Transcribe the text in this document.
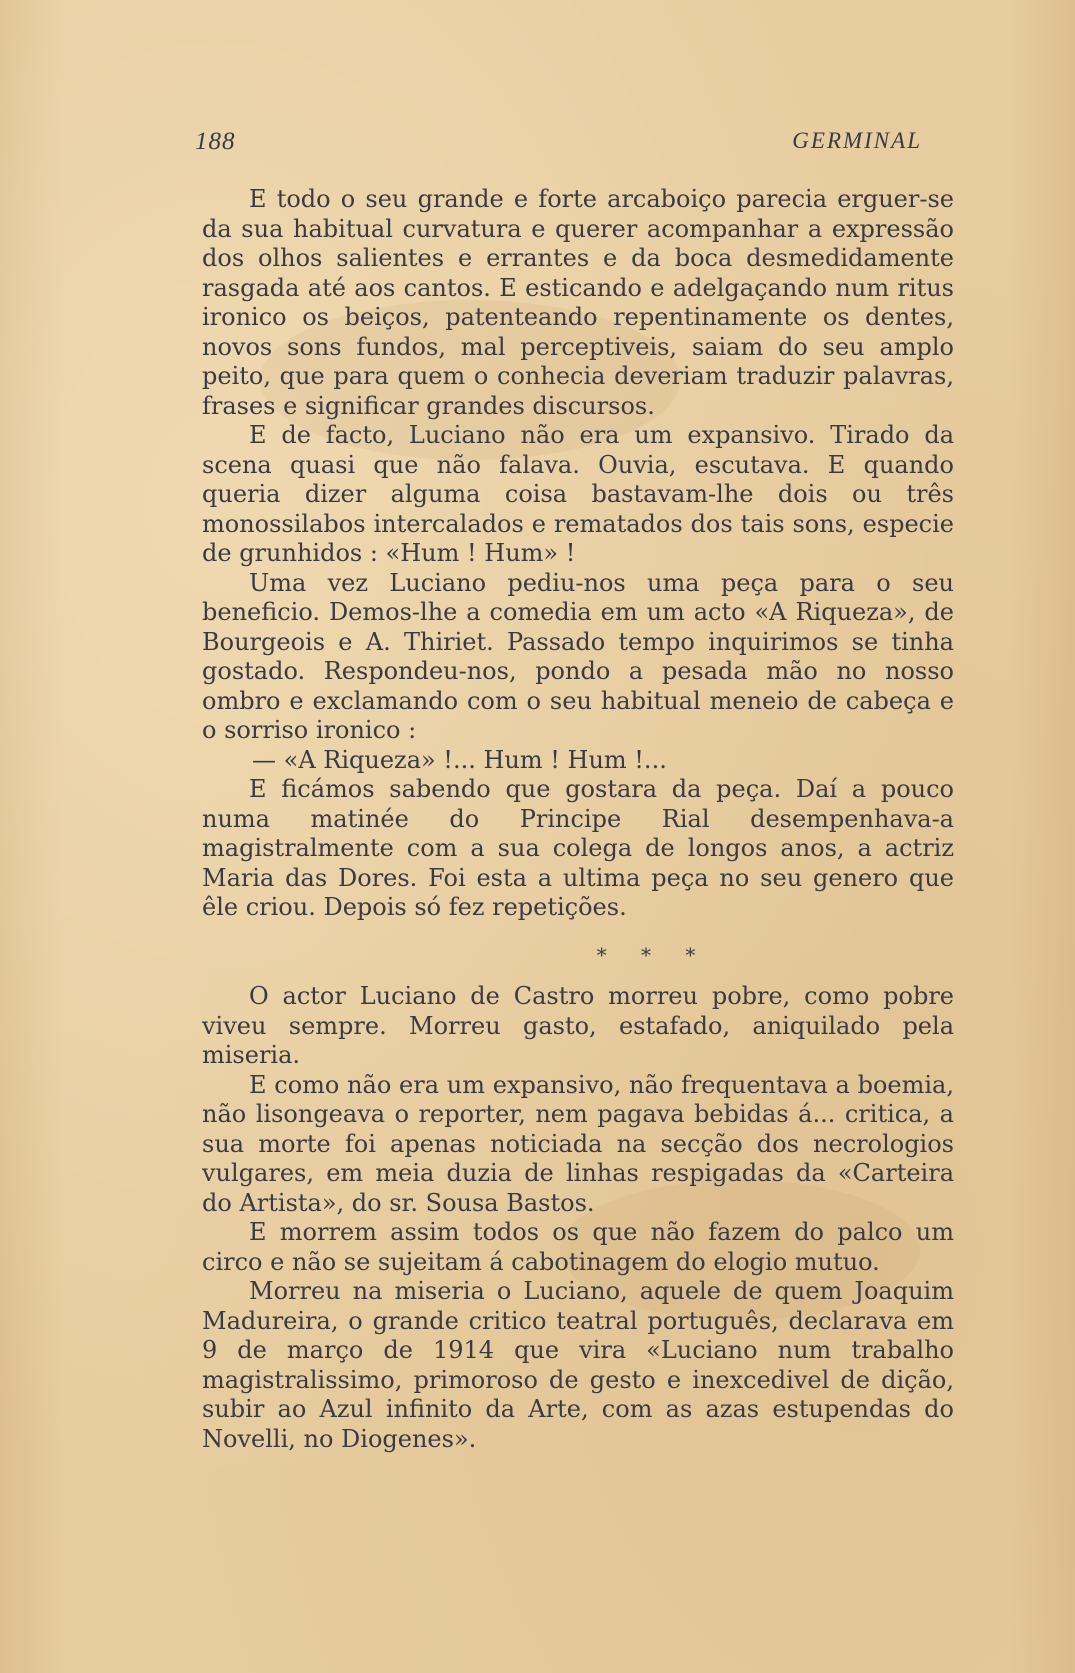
188	GERMINAL

E todo o seu grande e forte arcaboiço parecia erguer-se da sua habitual curvatura e querer acompanhar a expressão dos olhos salientes e errantes e da boca desmedidamente rasgada até aos cantos. E esticando e adelgaçando num ritus ironico os beiços, patenteando repentinamente os dentes, novos sons fundos, mal perceptiveis, saiam do seu amplo peito, que para quem o conhecia deveriam traduzir palavras, frases e significar grandes discursos.

E de facto, Luciano não era um expansivo. Tirado da scena quasi que não falava. Ouvia, escutava. E quando queria dizer alguma coisa bastavam-lhe dois ou três monossilabos intercalados e rematados dos tais sons, especie de grunhidos : «Hum ! Hum» !

Uma vez Luciano pediu-nos uma peça para o seu beneficio. Demos-lhe a comedia em um acto «A Riqueza», de Bourgeois e A. Thiriet. Passado tempo inquirimos se tinha gostado. Respondeu-nos, pondo a pesada mão no nosso ombro e exclamando com o seu habitual meneio de cabeça e o sorriso ironico :

— «A Riqueza» !... Hum ! Hum !...

E ficámos sabendo que gostara da peça. Daí a pouco numa matinée do Principe Rial desempenhava-a magistralmente com a sua colega de longos anos, a actriz Maria das Dores. Foi esta a ultima peça no seu genero que êle criou. Depois só fez repetições.

* * *

O actor Luciano de Castro morreu pobre, como pobre viveu sempre. Morreu gasto, estafado, aniquilado pela miseria.

E como não era um expansivo, não frequentava a boemia, não lisongeava o reporter, nem pagava bebidas á... critica, a sua morte foi apenas noticiada na secção dos necrologios vulgares, em meia duzia de linhas respigadas da «Carteira do Artista», do sr. Sousa Bastos.

E morrem assim todos os que não fazem do palco um circo e não se sujeitam á cabotinagem do elogio mutuo.

Morreu na miseria o Luciano, aquele de quem Joaquim Madureira, o grande critico teatral português, declarava em 9 de março de 1914 que vira «Luciano num trabalho magistralissimo, primoroso de gesto e inexcedivel de dição, subir ao Azul infinito da Arte, com as azas estupendas do Novelli, no Diogenes».
